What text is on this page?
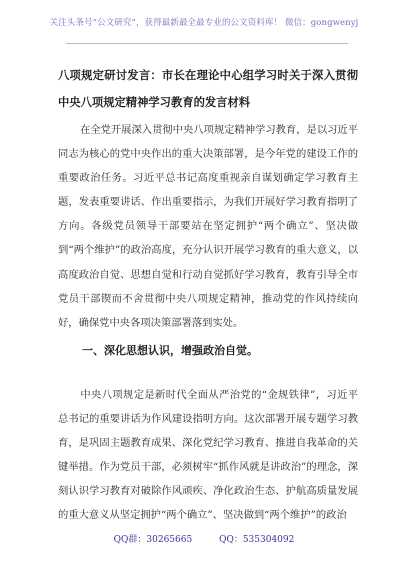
关注头条号“公文研究”，获得最新最全最专业的公文资料库！ 微信：gongwenyj
八项规定研讨发言：市长在理论中心组学习时关于深入贯彻中央八项规定精神学习教育的发言材料
在全党开展深入贯彻中央八项规定精神学习教育，是以习近平同志为核心的党中央作出的重大决策部署，是今年党的建设工作的重要政治任务。习近平总书记高度重视亲自谋划确定学习教育主题，发表重要讲话、作出重要指示，为我们开展好学习教育指明了方向。各级党员领导干部要站在坚定拥护“两个确立”、坚决做到“两个维护”的政治高度，充分认识开展学习教育的重大意义，以高度政治自觉、思想自觉和行动自觉抓好学习教育，教育引导全市党员干部锲而不舍贯彻中央八项规定精神，推动党的作风持续向好，确保党中央各项决策部署落到实处。
一、深化思想认识，增强政治自觉。
中央八项规定是新时代全面从严治党的“金规铁律”，习近平总书记的重要讲话为作风建设指明方向。这次部署开展专题学习教育，是巩固主题教育成果、深化党纪学习教育、推进自我革命的关键举措。作为党员干部，必须树牢“抓作风就是讲政治”的理念，深刻认识学习教育对破除作风顽疾、净化政治生态、护航高质量发展的重大意义从坚定拥护“两个确立”、坚决做到“两个维护”的政治
QQ群：30265665 QQ：535304092
